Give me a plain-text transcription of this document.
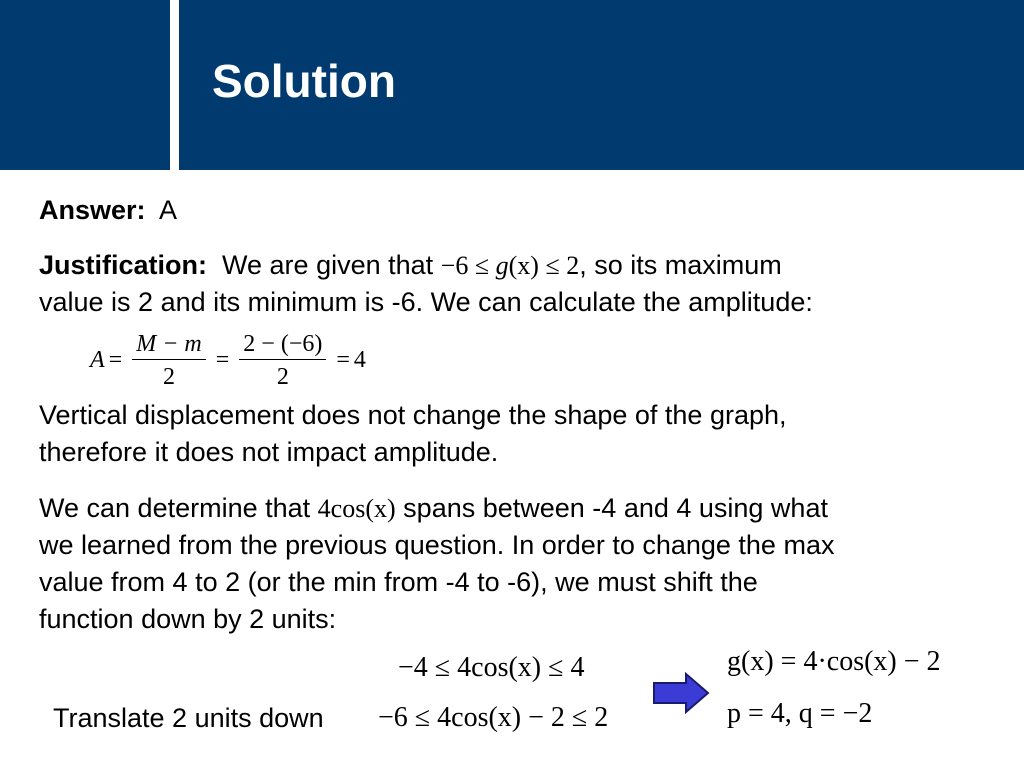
Solution
Answer: A
Justification: We are given that −6 ≤ g(x) ≤ 2, so its maximum
value is 2 and its minimum is -6. We can calculate the amplitude:
$A = \frac{M - m}{2} = \frac{2 - (-6)}{2} = 4$
Vertical displacement does not change the shape of the graph,
therefore it does not impact amplitude.
We can determine that 4cos(x) spans between -4 and 4 using what
we learned from the previous question. In order to change the max
value from 4 to 2 (or the min from -4 to -6), we must shift the
function down by 2 units:
−4 ≤ 4cos(x) ≤ 4
Translate 2 units down −6 ≤ 4cos(x) − 2 ≤ 2
g(x) = 4·cos(x) − 2
p = 4, q = −2
